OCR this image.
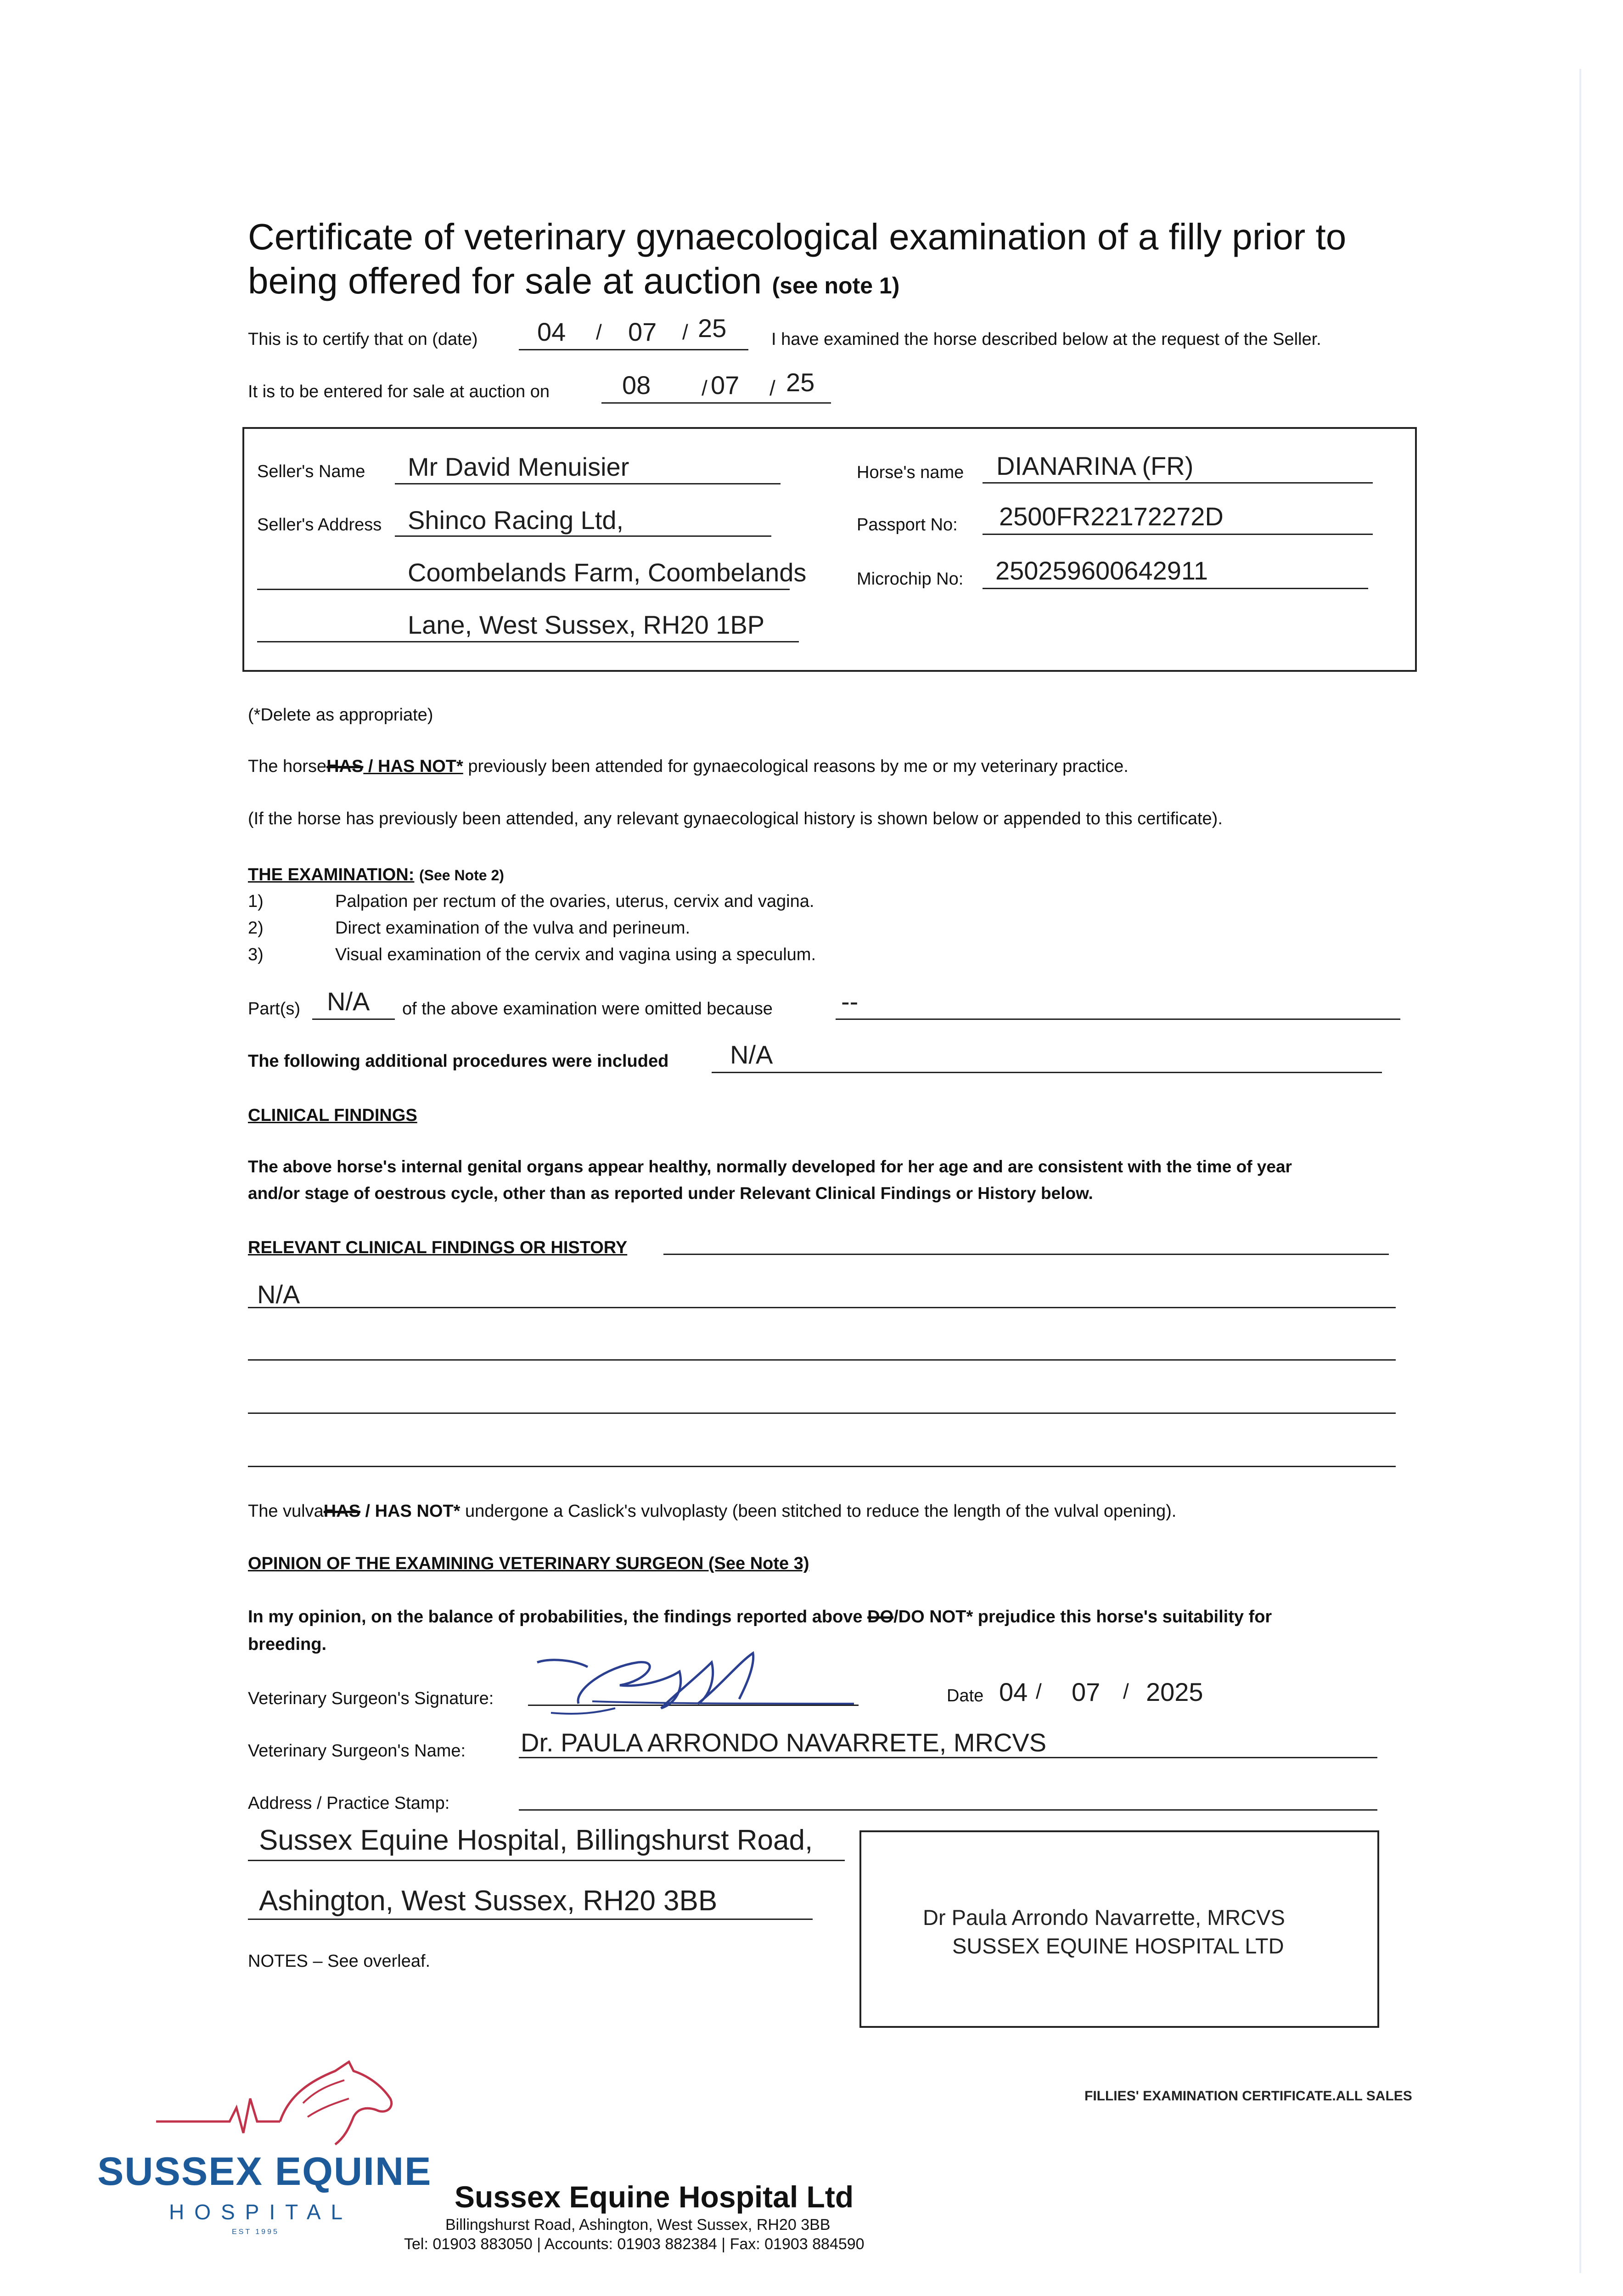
Certificate of veterinary gynaecological examination of a filly prior to
being offered for sale at auction (see note 1)
This is to certify that on (date) 04 / 07 / 25	I have examined the horse described below at the request of the Seller.
It is to be entered for sale at auction on	08 / 07 / 25
Seller's Name Mr David Menuisier
Seller's Address Shinco Racing Ltd,
Coombelands Farm, Coombelands
Lane, West Sussex, RH20 1BP
Horse's name DIANARINA (FR)
Passport No: 2500FR22172272D
Microchip No: 250259600642911
(*Delete as appropriate)
The horseHAS / HAS NOT* previously been attended for gynaecological reasons by me or my veterinary practice.
(If the horse has previously been attended, any relevant gynaecological history is shown below or appended to this certificate).
THE EXAMINATION: (See Note 2)
1)	Palpation per rectum of the ovaries, uterus, cervix and vagina.
2)	Direct examination of the vulva and perineum.
3)	Visual examination of the cervix and vagina using a speculum.
Part(s) N/A of the above examination were omitted because	--
The following additional procedures were included N/A
CLINICAL FINDINGS
The above horse's internal genital organs appear healthy, normally developed for her age and are consistent with the time of year
and/or stage of oestrous cycle, other than as reported under Relevant Clinical Findings or History below.
RELEVANT CLINICAL FINDINGS OR HISTORY
N/A
The vulvaHAS / HAS NOT* undergone a Caslick's vulvoplasty (been stitched to reduce the length of the vulval opening).
OPINION OF THE EXAMINING VETERINARY SURGEON (See Note 3)
In my opinion, on the balance of probabilities, the findings reported above DO/DO NOT* prejudice this horse's suitability for
breeding.
Veterinary Surgeon's Signature:	Date 04 / 07 / 2025
Veterinary Surgeon's Name: Dr. PAULA ARRONDO NAVARRETE, MRCVS
Address / Practice Stamp:
Sussex Equine Hospital, Billingshurst Road,
Ashington, West Sussex, RH20 3BB
Dr Paula Arrondo Navarrette, MRCVS
SUSSEX EQUINE HOSPITAL LTD
NOTES – See overleaf.
FILLIES' EXAMINATION CERTIFICATE.ALL SALES
SUSSEX EQUINE
HOSPITAL
EST 1995
Sussex Equine Hospital Ltd
Billingshurst Road, Ashington, West Sussex, RH20 3BB
Tel: 01903 883050 | Accounts: 01903 882384 | Fax: 01903 884590
